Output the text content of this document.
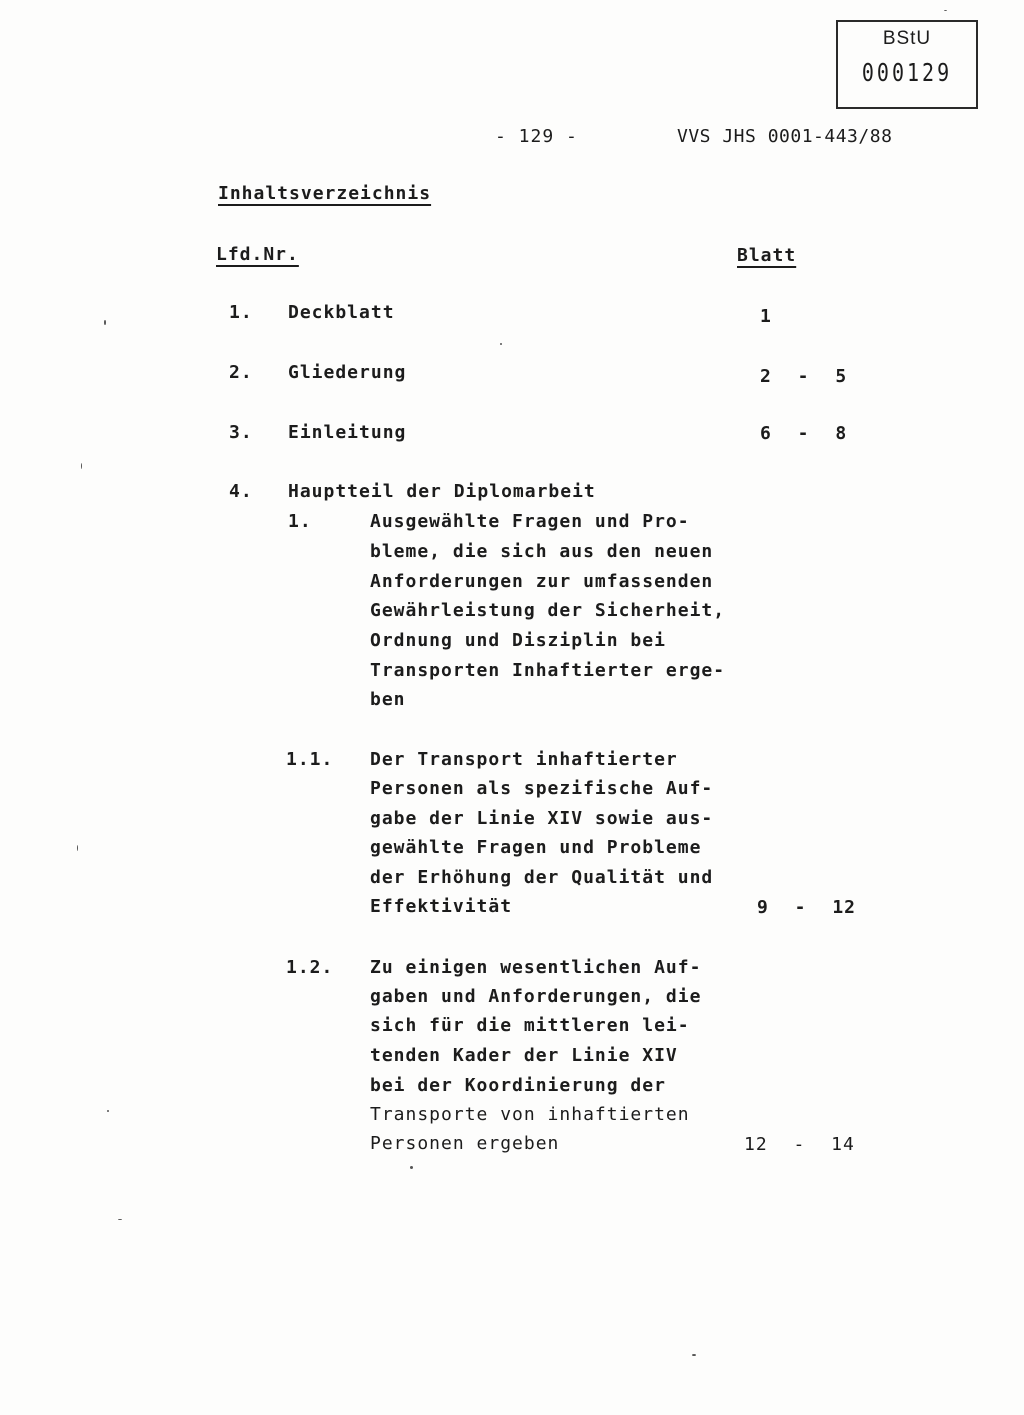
BStU
000129
- 129 -	VVS JHS 0001-443/88
Inhaltsverzeichnis
Lfd.Nr.	Blatt
1. Deckblatt	1
2. Gliederung	2 - 5
3. Einleitung	6 - 8
4. Hauptteil der Diplomarbeit
1.	Ausgewählte Fragen und Pro-
bleme, die sich aus den neuen
Anforderungen zur umfassenden
Gewährleistung der Sicherheit,
Ordnung und Disziplin bei
Transporten Inhaftierter erge-
ben
1.1. Der Transport inhaftierter
Personen als spezifische Auf-
gabe der Linie XIV sowie aus-
gewählte Fragen und Probleme
der Erhöhung der Qualität und
Effektivität	9 - 12
1.2. Zu einigen wesentlichen Auf-
gaben und Anforderungen, die
sich für die mittleren lei-
tenden Kader der Linie XIV
bei der Koordinierung der
Transporte von inhaftierten
Personen ergeben	12 - 14
